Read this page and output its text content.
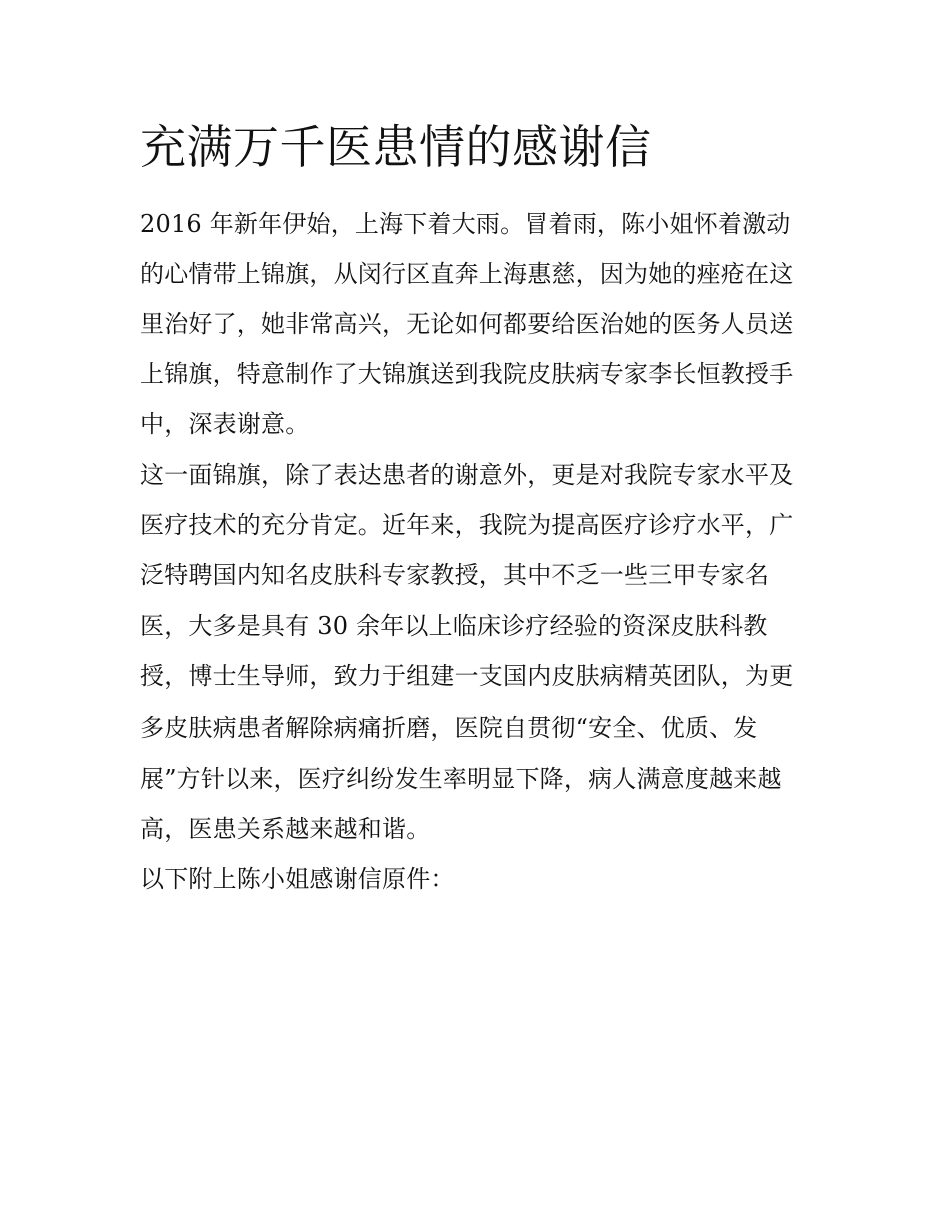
充满万千医患情的感谢信

2016 年新年伊始，上海下着大雨。冒着雨，陈小姐怀着激动

的心情带上锦旗，从闵行区直奔上海惠慈，因为她的痤疮在这

里治好了，她非常高兴，无论如何都要给医治她的医务人员送

上锦旗，特意制作了大锦旗送到我院皮肤病专家李长恒教授手

中，深表谢意。

这一面锦旗，除了表达患者的谢意外，更是对我院专家水平及

医疗技术的充分肯定。近年来，我院为提高医疗诊疗水平，广

泛特聘国内知名皮肤科专家教授，其中不乏一些三甲专家名

医，大多是具有 30 余年以上临床诊疗经验的资深皮肤科教

授，博士生导师，致力于组建一支国内皮肤病精英团队，为更

多皮肤病患者解除病痛折磨，医院自贯彻“安全、优质、发

展”方针以来，医疗纠纷发生率明显下降，病人满意度越来越

高，医患关系越来越和谐。

以下附上陈小姐感谢信原件：
